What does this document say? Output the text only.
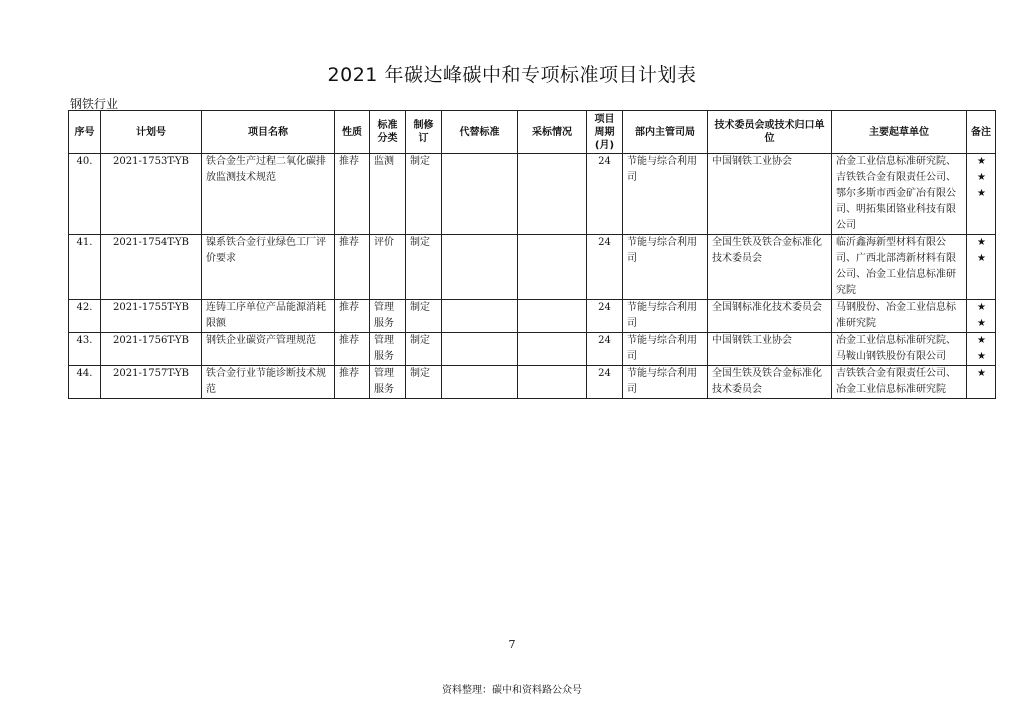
2021 年碳达峰碳中和专项标准项目计划表
钢铁行业
序号	计划号	项目名称	性质	标准分类	制修订	代替标准	采标情况	项目周期(月)	部内主管司局	技术委员会或技术归口单位	主要起草单位	备注
40.	2021-1753T-YB	铁合金生产过程二氧化碳排放监测技术规范	推荐	监测	制定			24	节能与综合利用司	中国钢铁工业协会	冶金工业信息标准研究院、吉铁铁合金有限责任公司、鄂尔多斯市西金矿冶有限公司、明拓集团铬业科技有限公司	★★★

41.	2021-1754T-YB	镍系铁合金行业绿色工厂评价要求	推荐	评价	制定			24	节能与综合利用司	全国生铁及铁合金标准化技术委员会	临沂鑫海新型材料有限公司、广西北部湾新材料有限公司、冶金工业信息标准研究院	★★

42.	2021-1755T-YB	连铸工序单位产品能源消耗限额	推荐	管理服务	制定			24	节能与综合利用司	全国钢标准化技术委员会	马钢股份、冶金工业信息标准研究院	★★

43.	2021-1756T-YB	钢铁企业碳资产管理规范	推荐	管理服务	制定			24	节能与综合利用司	中国钢铁工业协会	冶金工业信息标准研究院、马鞍山钢铁股份有限公司	★★

44.	2021-1757T-YB	铁合金行业节能诊断技术规范	推荐	管理服务	制定			24	节能与综合利用司	全国生铁及铁合金标准化技术委员会	吉铁铁合金有限责任公司、冶金工业信息标准研究院	★
7
资料整理：碳中和资料路公众号
